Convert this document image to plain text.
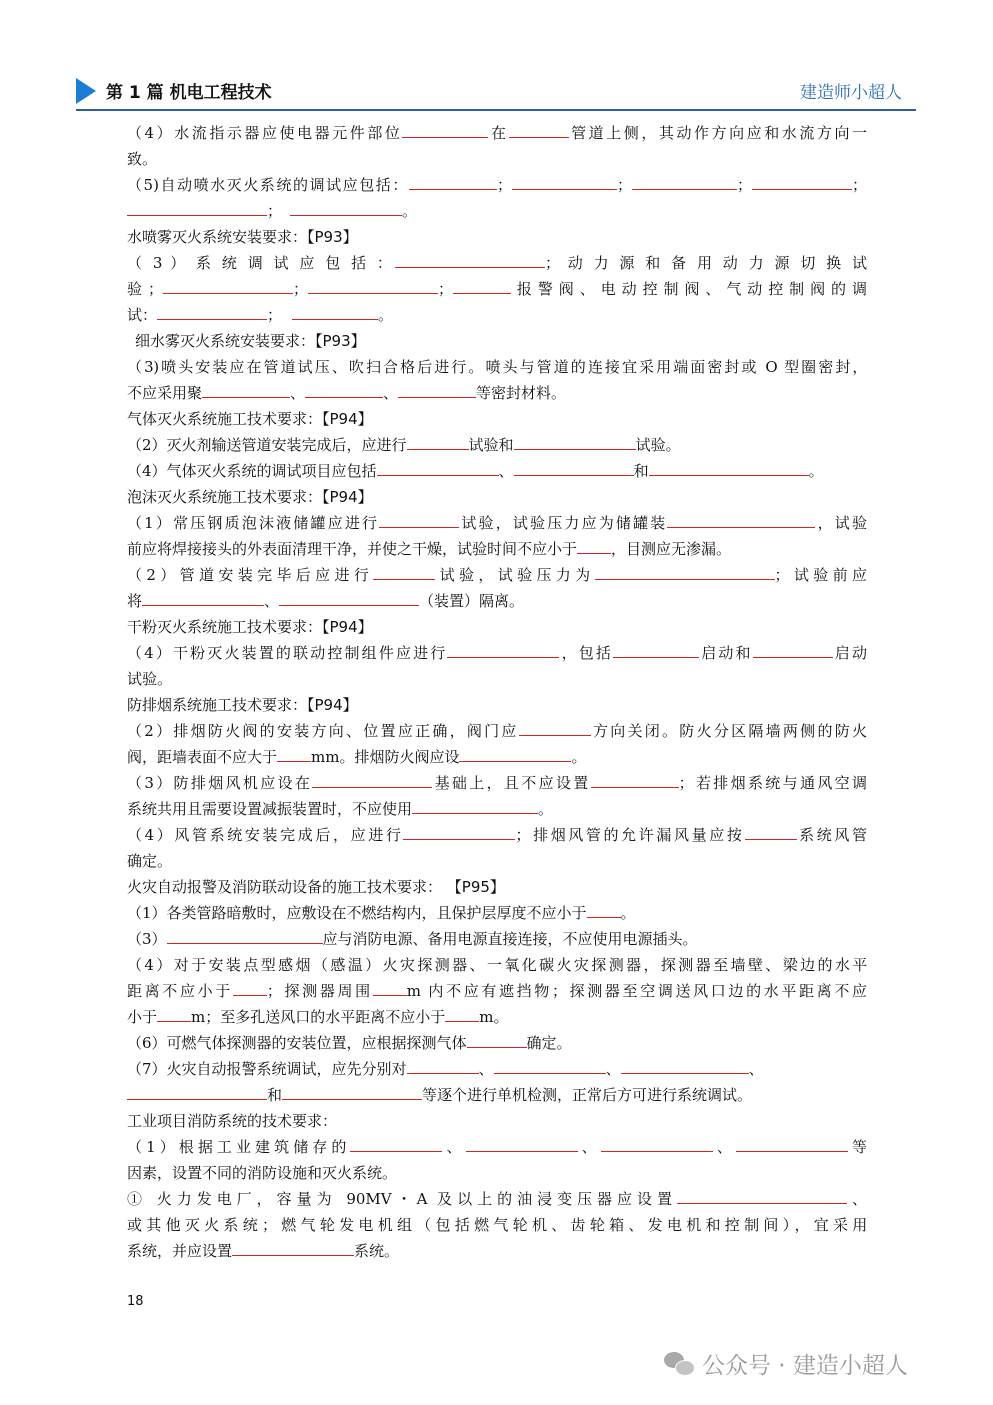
第 1 篇 机电工程技术	建造师小超人
（4）水流指示器应使电器元件部位	在	管道上侧，其动作方向应和水流方向一
致。
（5)自动喷水灭火系统的调试应包括：	；	；	；	；
；	。
水喷雾灭火系统安装要求：【P93】
（ 3 ） 系 统 调 试 应 包 括 ：	； 动 力 源 和 备 用 动 力 源 切 换 试
验；	；	；	报警阀、电动控制阀、气动控制阀的调
试：	；	。
细水雾灭火系统安装要求：【P93】
（3)喷头安装应在管道试压、吹扫合格后进行。喷头与管道的连接宜采用端面密封或 O 型圈密封，
不应采用聚	、	、	等密封材料。
气体灭火系统施工技术要求：【P94】
（2）灭火剂输送管道安装完成后，应进行	试验和	试验。
（4）气体灭火系统的调试项目应包括	、	和	。
泡沫灭火系统施工技术要求：【P94】
（1）常压钢质泡沫液储罐应进行	试验，试验压力应为储罐装	，试验
前应将焊接接头的外表面清理干净，并使之干燥，试验时间不应小于 ，目测应无渗漏。
（2）管道安装完毕后应进行	试验，试验压力为	；试验前应
将	、	（装置）隔离。
干粉灭火系统施工技术要求：【P94】
（4）干粉灭火装置的联动控制组件应进行	，包括	启动和	启动
试验。
防排烟系统施工技术要求：【P94】
（2）排烟防火阀的安装方向、位置应正确，阀门应	方向关闭。防火分区隔墙两侧的防火
阀，距墙表面不应大于 mm。排烟防火阀应设	。
（3）防排烟风机应设在	基础上，且不应设置	；若排烟系统与通风空调
系统共用且需要设置减振装置时，不应使用	。
（4）风管系统安装完成后，应进行	；排烟风管的允许漏风量应按	系统风管
确定。
火灾自动报警及消防联动设备的施工技术要求： 【P95】
（1）各类管路暗敷时，应敷设在不燃结构内，且保护层厚度不应小于 。
（3）	应与消防电源、备用电源直接连接，不应使用电源插头。
（4）对于安装点型感烟（感温）火灾探测器、一氧化碳火灾探测器，探测器至墙壁、梁边的水平
距离不应小于 ；探测器周围 m 内不应有遮挡物；探测器至空调送风口边的水平距离不应
小于 m；至多孔送风口的水平距离不应小于 m。
（6）可燃气体探测器的安装位置，应根据探测气体	确定。
（7）火灾自动报警系统调试，应先分别对	、	、	、
和	等逐个进行单机检测，正常后方可进行系统调试。
工业项目消防系统的技术要求：
（1）根据工业建筑储存的	、	、	、	等
因素，设置不同的消防设施和灭火系统。
① 火力发电厂，容量为 90MV・A 及以上的油浸变压器应设置	、
或其他灭火系统；燃气轮发电机组（包括燃气轮机、齿轮箱、发电机和控制间），宜采用
系统，并应设置	系统。
18
公众号 · 建造小超人
